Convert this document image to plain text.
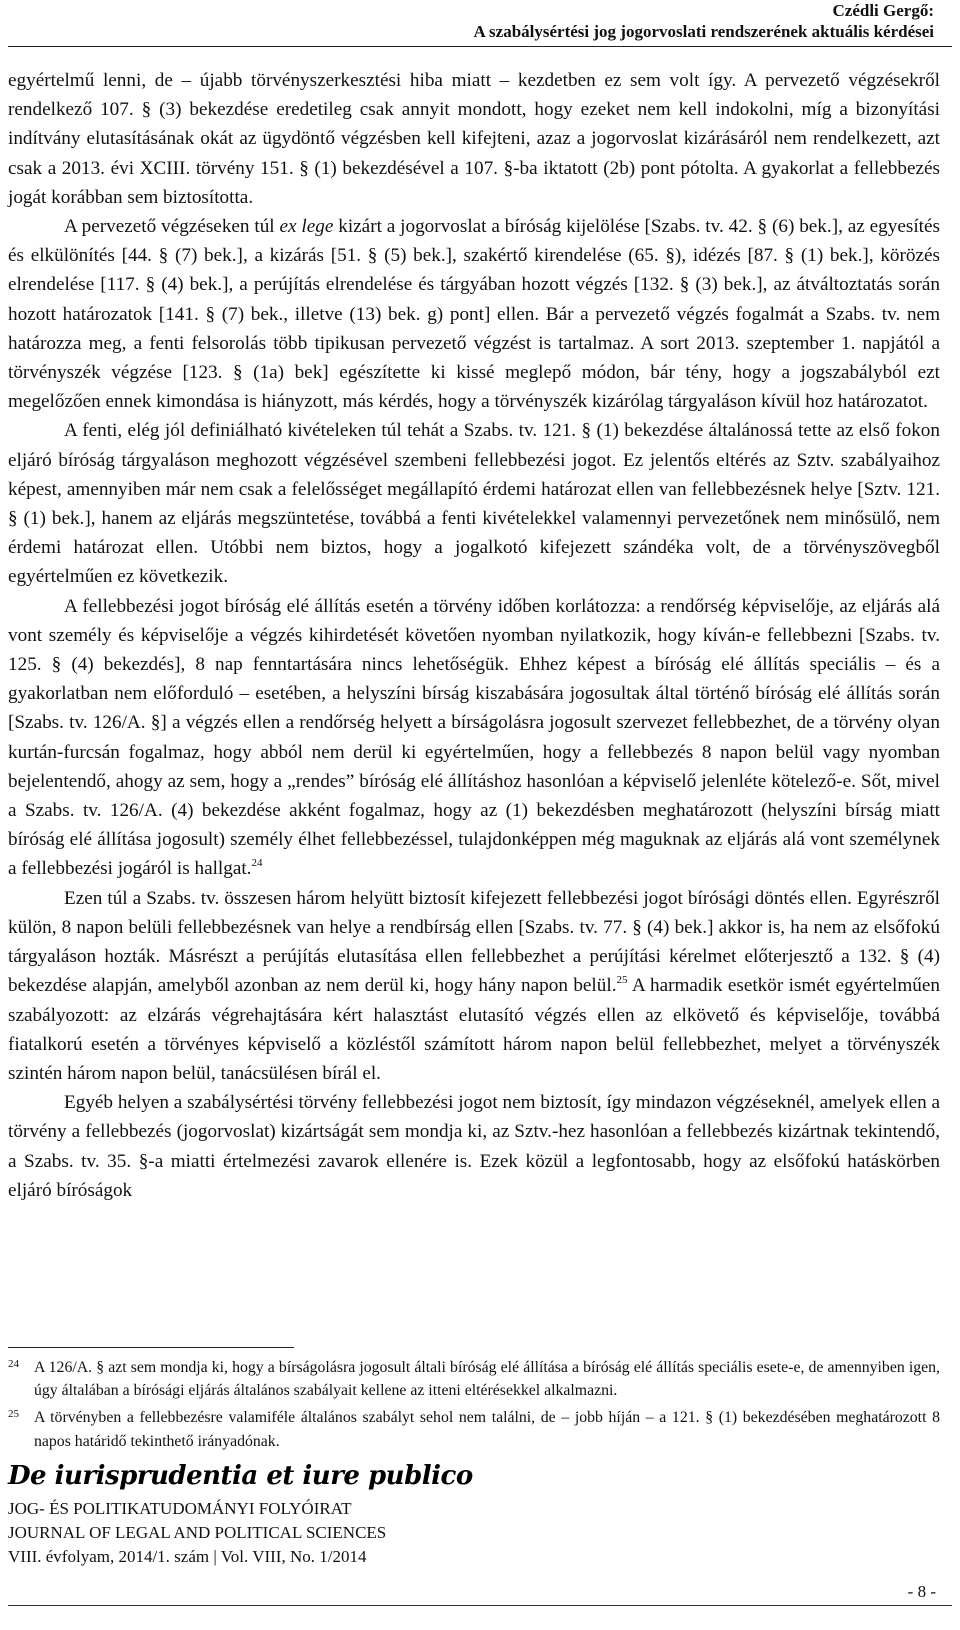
Czédli Gergő:
A szabálysértési jog jogorvoslati rendszerének aktuális kérdései

egyértelmű lenni, de – újabb törvényszerkesztési hiba miatt – kezdetben ez sem volt így. A pervezető végzésekről rendelkező 107. § (3) bekezdése eredetileg csak annyit mondott, hogy ezeket nem kell indokolni, míg a bizonyítási indítvány elutasításának okát az ügydöntő végzésben kell kifejteni, azaz a jogorvoslat kizárásáról nem rendelkezett, azt csak a 2013. évi XCIII. törvény 151. § (1) bekezdésével a 107. §-ba iktatott (2b) pont pótolta. A gyakorlat a fellebbezés jogát korábban sem biztosította.

A pervezető végzéseken túl ex lege kizárt a jogorvoslat a bíróság kijelölése [Szabs. tv. 42. § (6) bek.], az egyesítés és elkülönítés [44. § (7) bek.], a kizárás [51. § (5) bek.], szakértő kirendelése (65. §), idézés [87. § (1) bek.], körözés elrendelése [117. § (4) bek.], a perújítás elrendelése és tárgyában hozott végzés [132. § (3) bek.], az átváltoztatás során hozott határozatok [141. § (7) bek., illetve (13) bek. g) pont] ellen. Bár a pervezető végzés fogalmát a Szabs. tv. nem határozza meg, a fenti felsorolás több tipikusan pervezető végzést is tartalmaz. A sort 2013. szeptember 1. napjától a törvényszék végzése [123. § (1a) bek] egészítette ki kissé meglepő módon, bár tény, hogy a jogszabályból ezt megelőzően ennek kimondása is hiányzott, más kérdés, hogy a törvényszék kizárólag tárgyaláson kívül hoz határozatot.

A fenti, elég jól definiálható kivételeken túl tehát a Szabs. tv. 121. § (1) bekezdése általánossá tette az első fokon eljáró bíróság tárgyaláson meghozott végzésével szembeni fellebbezési jogot. Ez jelentős eltérés az Sztv. szabályaihoz képest, amennyiben már nem csak a felelősséget megállapító érdemi határozat ellen van fellebbezésnek helye [Sztv. 121. § (1) bek.], hanem az eljárás megszüntetése, továbbá a fenti kivételekkel valamennyi pervezetőnek nem minősülő, nem érdemi határozat ellen. Utóbbi nem biztos, hogy a jogalkotó kifejezett szándéka volt, de a törvényszövegből egyértelműen ez következik.

A fellebbezési jogot bíróság elé állítás esetén a törvény időben korlátozza: a rendőrség képviselője, az eljárás alá vont személy és képviselője a végzés kihirdetését követően nyomban nyilatkozik, hogy kíván-e fellebbezni [Szabs. tv. 125. § (4) bekezdés], 8 nap fenntartására nincs lehetőségük. Ehhez képest a bíróság elé állítás speciális – és a gyakorlatban nem előforduló – esetében, a helyszíni bírság kiszabására jogosultak által történő bíróság elé állítás során [Szabs. tv. 126/A. §] a végzés ellen a rendőrség helyett a bírságolásra jogosult szervezet fellebbezhet, de a törvény olyan kurtán-furcsán fogalmaz, hogy abból nem derül ki egyértelműen, hogy a fellebbezés 8 napon belül vagy nyomban bejelentendő, ahogy az sem, hogy a „rendes” bíróság elé állításhoz hasonlóan a képviselő jelenléte kötelező-e. Sőt, mivel a Szabs. tv. 126/A. (4) bekezdése akként fogalmaz, hogy az (1) bekezdésben meghatározott (helyszíni bírság miatt bíróság elé állítása jogosult) személy élhet fellebbezéssel, tulajdonképpen még maguknak az eljárás alá vont személynek a fellebbezési jogáról is hallgat.$^{24}$

Ezen túl a Szabs. tv. összesen három helyütt biztosít kifejezett fellebbezési jogot bírósági döntés ellen. Egyrészről külön, 8 napon belüli fellebbezésnek van helye a rendbírság ellen [Szabs. tv. 77. § (4) bek.] akkor is, ha nem az elsőfokú tárgyaláson hozták. Másrészt a perújítás elutasítása ellen fellebbezhet a perújítási kérelmet előterjesztő a 132. § (4) bekezdése alapján, amelyből azonban az nem derül ki, hogy hány napon belül.$^{25}$ A harmadik esetkör ismét egyértelműen szabályozott: az elzárás végrehajtására kért halasztást elutasító végzés ellen az elkövető és képviselője, továbbá fiatalkorú esetén a törvényes képviselő a közléstől számított három napon belül fellebbezhet, melyet a törvényszék szintén három napon belül, tanácsülésen bírál el.

Egyéb helyen a szabálysértési törvény fellebbezési jogot nem biztosít, így mindazon végzéseknél, amelyek ellen a törvény a fellebbezés (jogorvoslat) kizártságát sem mondja ki, az Sztv.-hez hasonlóan a fellebbezés kizártnak tekintendő, a Szabs. tv. 35. §-a miatti értelmezési zavarok ellenére is. Ezek közül a legfontosabb, hogy az elsőfokú hatáskörben eljáró bíróságok

24 A 126/A. § azt sem mondja ki, hogy a bírságolásra jogosult általi bíróság elé állítása a bíróság elé állítás speciális esete-e, de amennyiben igen, úgy általában a bírósági eljárás általános szabályait kellene az itteni eltérésekkel alkalmazni.
25 A törvényben a fellebbezésre valamiféle általános szabályt sehol nem találni, de – jobb híján – a 121. § (1) bekezdésében meghatározott 8 napos határidő tekinthető irányadónak.
De iurisprudentia et iure publico
JOG- ÉS POLITIKATUDOMÁNYI FOLYÓIRAT
JOURNAL OF LEGAL AND POLITICAL SCIENCES
VIII. évfolyam, 2014/1. szám | Vol. VIII, No. 1/2014
- 8 -
